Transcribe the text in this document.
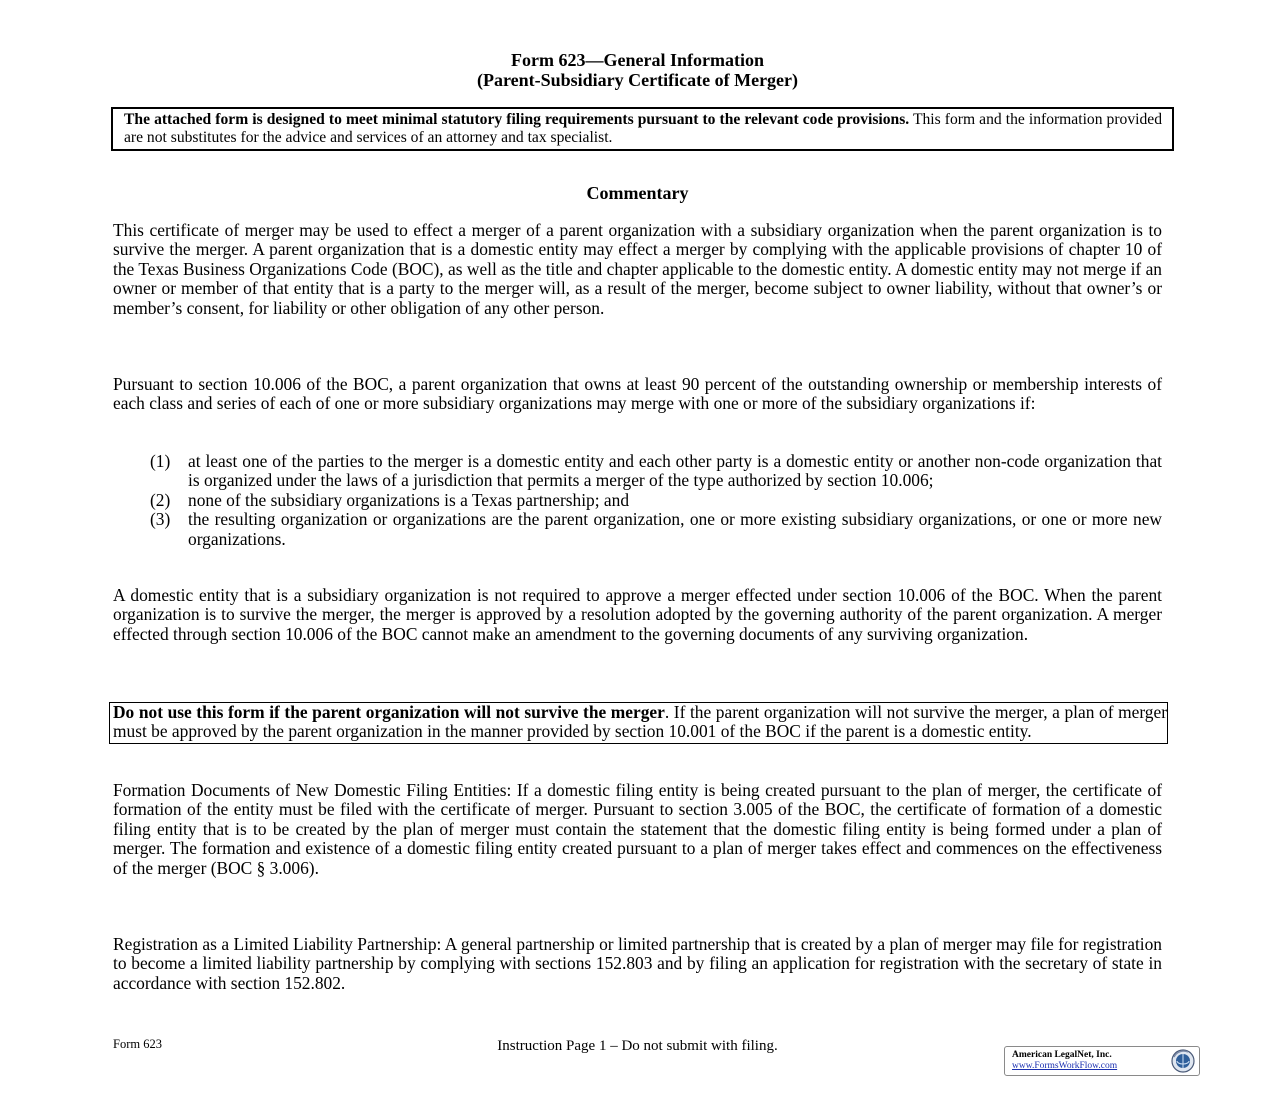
Form 623—General Information
(Parent-Subsidiary Certificate of Merger)
The attached form is designed to meet minimal statutory filing requirements pursuant to the relevant code provisions. This form and the information provided are not substitutes for the advice and services of an attorney and tax specialist.
Commentary

This certificate of merger may be used to effect a merger of a parent organization with a subsidiary organization when the parent organization is to survive the merger. A parent organization that is a domestic entity may effect a merger by complying with the applicable provisions of chapter 10 of the Texas Business Organizations Code (BOC), as well as the title and chapter applicable to the domestic entity. A domestic entity may not merge if an owner or member of that entity that is a party to the merger will, as a result of the merger, become subject to owner liability, without that owner’s or member’s consent, for liability or other obligation of any other person.

Pursuant to section 10.006 of the BOC, a parent organization that owns at least 90 percent of the outstanding ownership or membership interests of each class and series of each of one or more subsidiary organizations may merge with one or more of the subsidiary organizations if:

(1) at least one of the parties to the merger is a domestic entity and each other party is a domestic entity or another non-code organization that is organized under the laws of a jurisdiction that permits a merger of the type authorized by section 10.006;
(2) none of the subsidiary organizations is a Texas partnership; and
(3) the resulting organization or organizations are the parent organization, one or more existing subsidiary organizations, or one or more new organizations.

A domestic entity that is a subsidiary organization is not required to approve a merger effected under section 10.006 of the BOC. When the parent organization is to survive the merger, the merger is approved by a resolution adopted by the governing authority of the parent organization. A merger effected through section 10.006 of the BOC cannot make an amendment to the governing documents of any surviving organization.

Do not use this form if the parent organization will not survive the merger. If the parent organization will not survive the merger, a plan of merger must be approved by the parent organization in the manner provided by section 10.001 of the BOC if the parent is a domestic entity.

Formation Documents of New Domestic Filing Entities: If a domestic filing entity is being created pursuant to the plan of merger, the certificate of formation of the entity must be filed with the certificate of merger. Pursuant to section 3.005 of the BOC, the certificate of formation of a domestic filing entity that is to be created by the plan of merger must contain the statement that the domestic filing entity is being formed under a plan of merger. The formation and existence of a domestic filing entity created pursuant to a plan of merger takes effect and commences on the effectiveness of the merger (BOC § 3.006).

Registration as a Limited Liability Partnership: A general partnership or limited partnership that is created by a plan of merger may file for registration to become a limited liability partnership by complying with sections 152.803 and by filing an application for registration with the secretary of state in accordance with section 152.802.

Form 623	Instruction Page 1 – Do not submit with filing.
American LegalNet, Inc.
www.FormsWorkFlow.com
